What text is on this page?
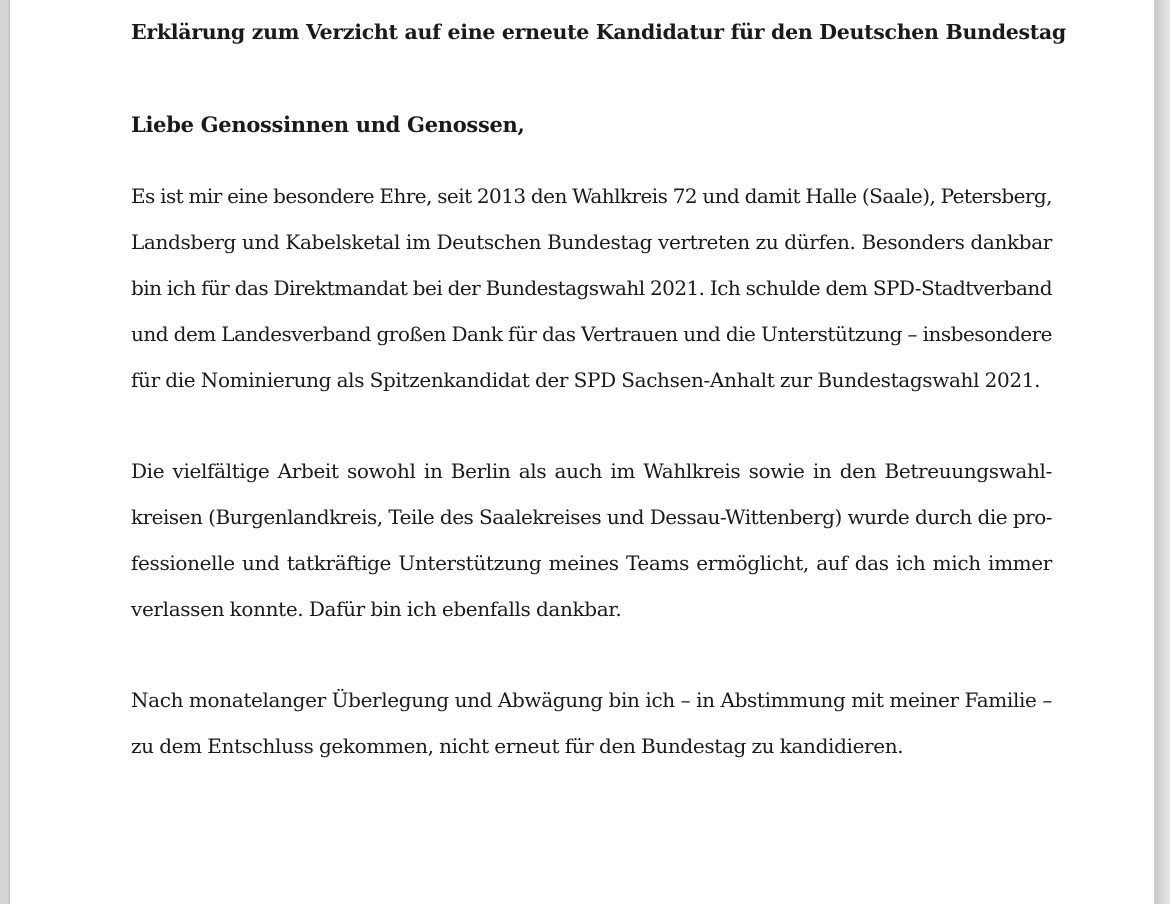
Erklärung zum Verzicht auf eine erneute Kandidatur für den Deutschen Bundestag
Liebe Genossinnen und Genossen,
Es ist mir eine besondere Ehre, seit 2013 den Wahlkreis 72 und damit Halle (Saale), Petersberg,
Landsberg und Kabelsketal im Deutschen Bundestag vertreten zu dürfen. Besonders dankbar
bin ich für das Direktmandat bei der Bundestagswahl 2021. Ich schulde dem SPD-Stadtverband
und dem Landesverband großen Dank für das Vertrauen und die Unterstützung – insbesondere
für die Nominierung als Spitzenkandidat der SPD Sachsen-Anhalt zur Bundestagswahl 2021.
Die vielfältige Arbeit sowohl in Berlin als auch im Wahlkreis sowie in den Betreuungswahl-
kreisen (Burgenlandkreis, Teile des Saalekreises und Dessau-Wittenberg) wurde durch die pro-
fessionelle und tatkräftige Unterstützung meines Teams ermöglicht, auf das ich mich immer
verlassen konnte. Dafür bin ich ebenfalls dankbar.
Nach monatelanger Überlegung und Abwägung bin ich – in Abstimmung mit meiner Familie –
zu dem Entschluss gekommen, nicht erneut für den Bundestag zu kandidieren.
